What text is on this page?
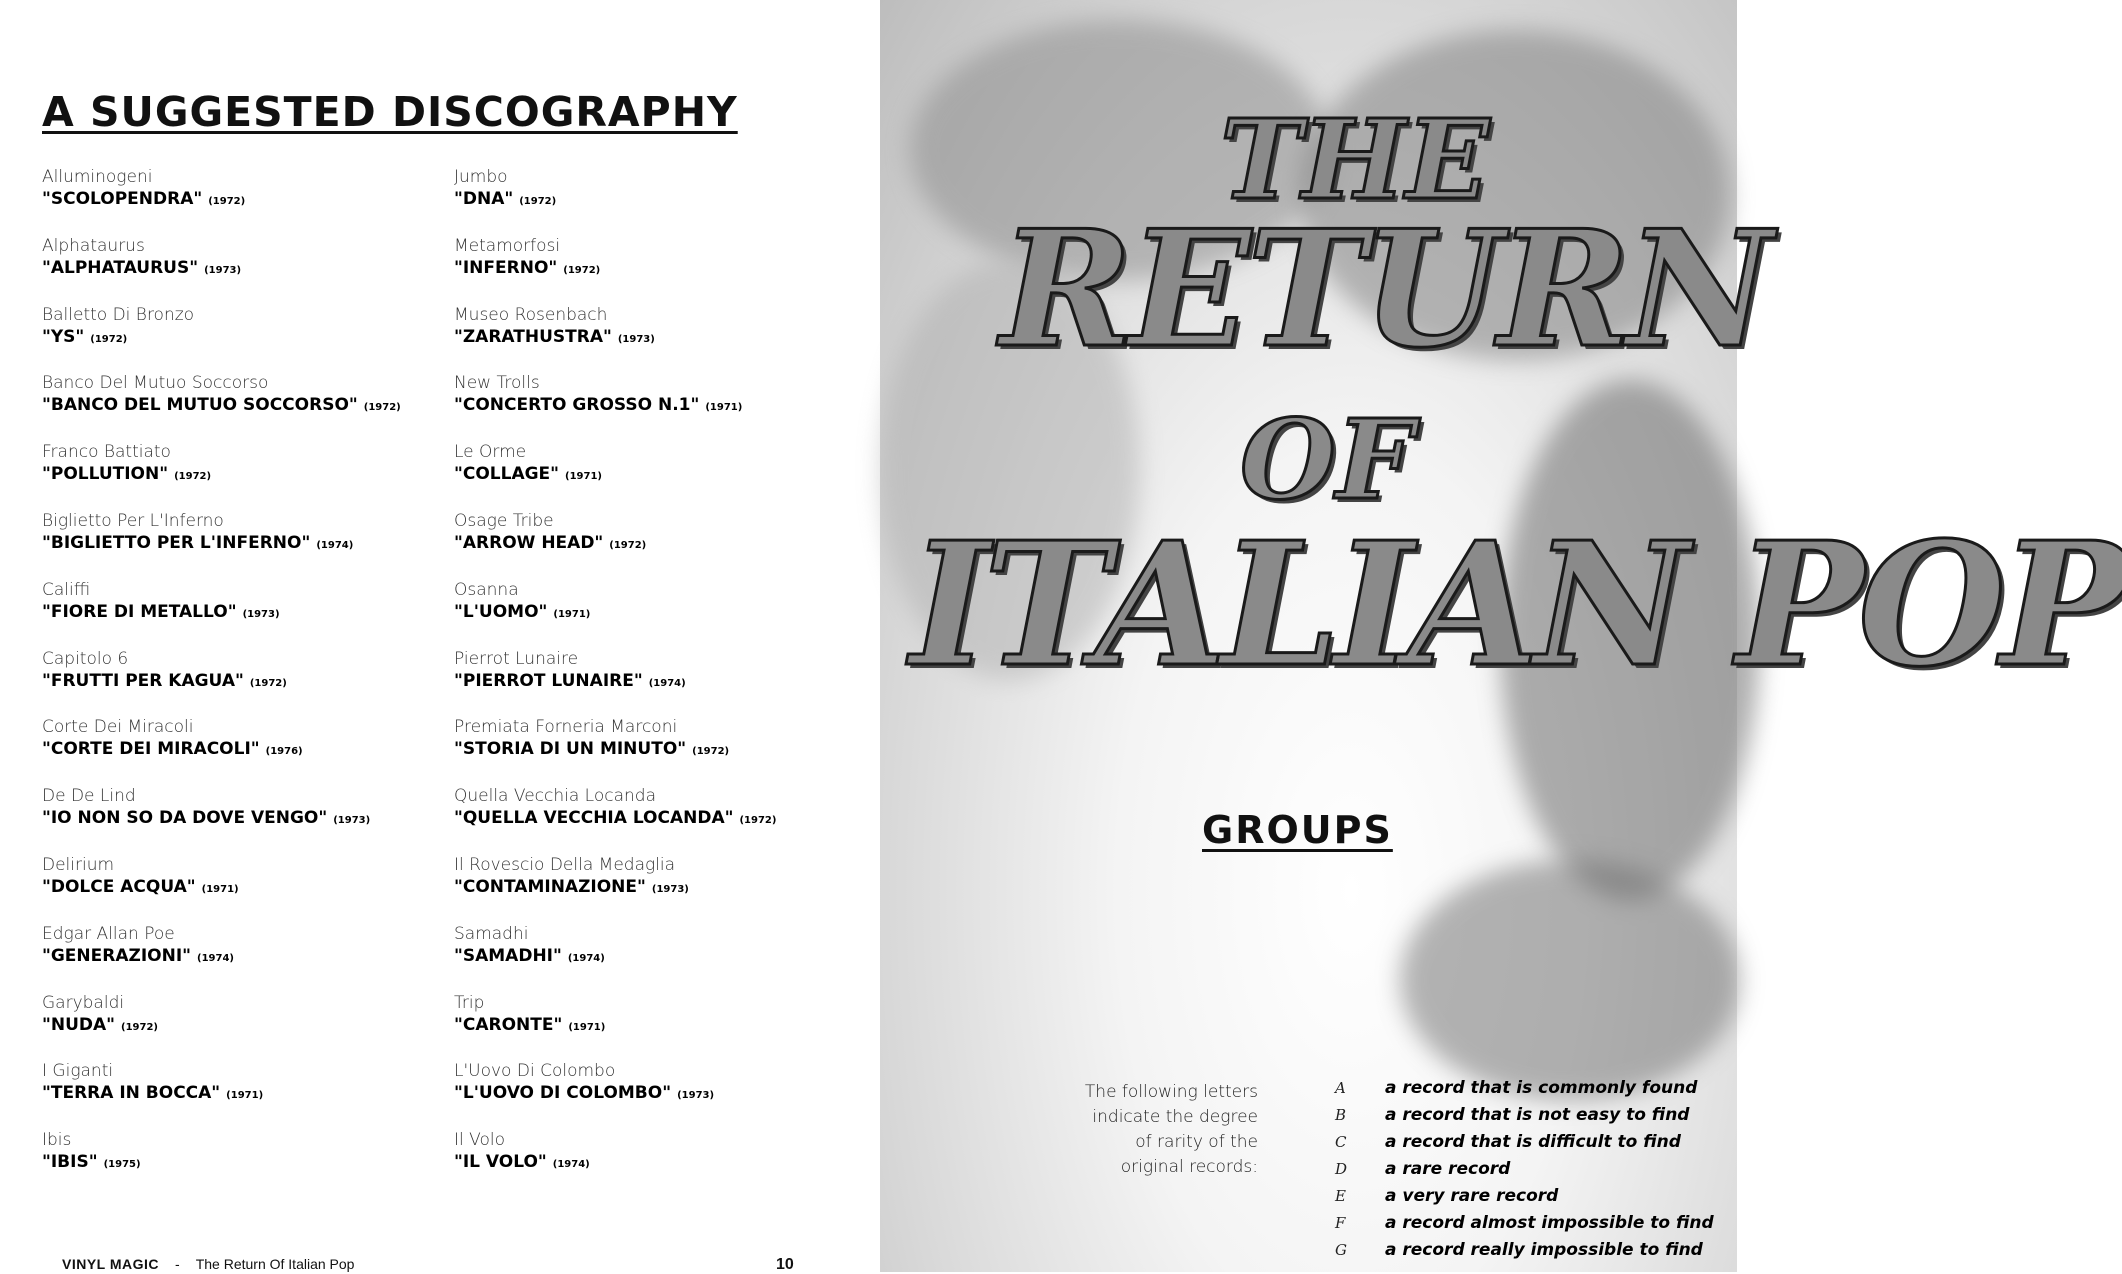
A SUGGESTED DISCOGRAPHY
Alluminogeni
"SCOLOPENDRA" (1972)
Alphataurus
"ALPHATAURUS" (1973)
Balletto Di Bronzo
"YS" (1972)
Banco Del Mutuo Soccorso
"BANCO DEL MUTUO SOCCORSO" (1972)
Franco Battiato
"POLLUTION" (1972)
Biglietto Per L'Inferno
"BIGLIETTO PER L'INFERNO" (1974)
Califfi
"FIORE DI METALLO" (1973)
Capitolo 6
"FRUTTI PER KAGUA" (1972)
Corte Dei Miracoli
"CORTE DEI MIRACOLI" (1976)
De De Lind
"IO NON SO DA DOVE VENGO" (1973)
Delirium
"DOLCE ACQUA" (1971)
Edgar Allan Poe
"GENERAZIONI" (1974)
Garybaldi
"NUDA" (1972)
I Giganti
"TERRA IN BOCCA" (1971)
Ibis
"IBIS" (1975)
Jumbo
"DNA" (1972)
Metamorfosi
"INFERNO" (1972)
Museo Rosenbach
"ZARATHUSTRA" (1973)
New Trolls
"CONCERTO GROSSO N.1" (1971)
Le Orme
"COLLAGE" (1971)
Osage Tribe
"ARROW HEAD" (1972)
Osanna
"L'UOMO" (1971)
Pierrot Lunaire
"PIERROT LUNAIRE" (1974)
Premiata Forneria Marconi
"STORIA DI UN MINUTO" (1972)
Quella Vecchia Locanda
"QUELLA VECCHIA LOCANDA" (1972)
Il Rovescio Della Medaglia
"CONTAMINAZIONE" (1973)
Samadhi
"SAMADHI" (1974)
Trip
"CARONTE" (1971)
L'Uovo Di Colombo
"L'UOVO DI COLOMBO" (1973)
Il Volo
"IL VOLO" (1974)
VINYL MAGIC - The Return Of Italian Pop	10
THE
RETURN
OF
ITALIAN POP
GROUPS
The following letters indicate the degree of rarity of the original records:
A a record that is commonly found
B a record that is not easy to find
C a record that is difficult to find
D a rare record
E a very rare record
F a record almost impossible to find
G a record really impossible to find
